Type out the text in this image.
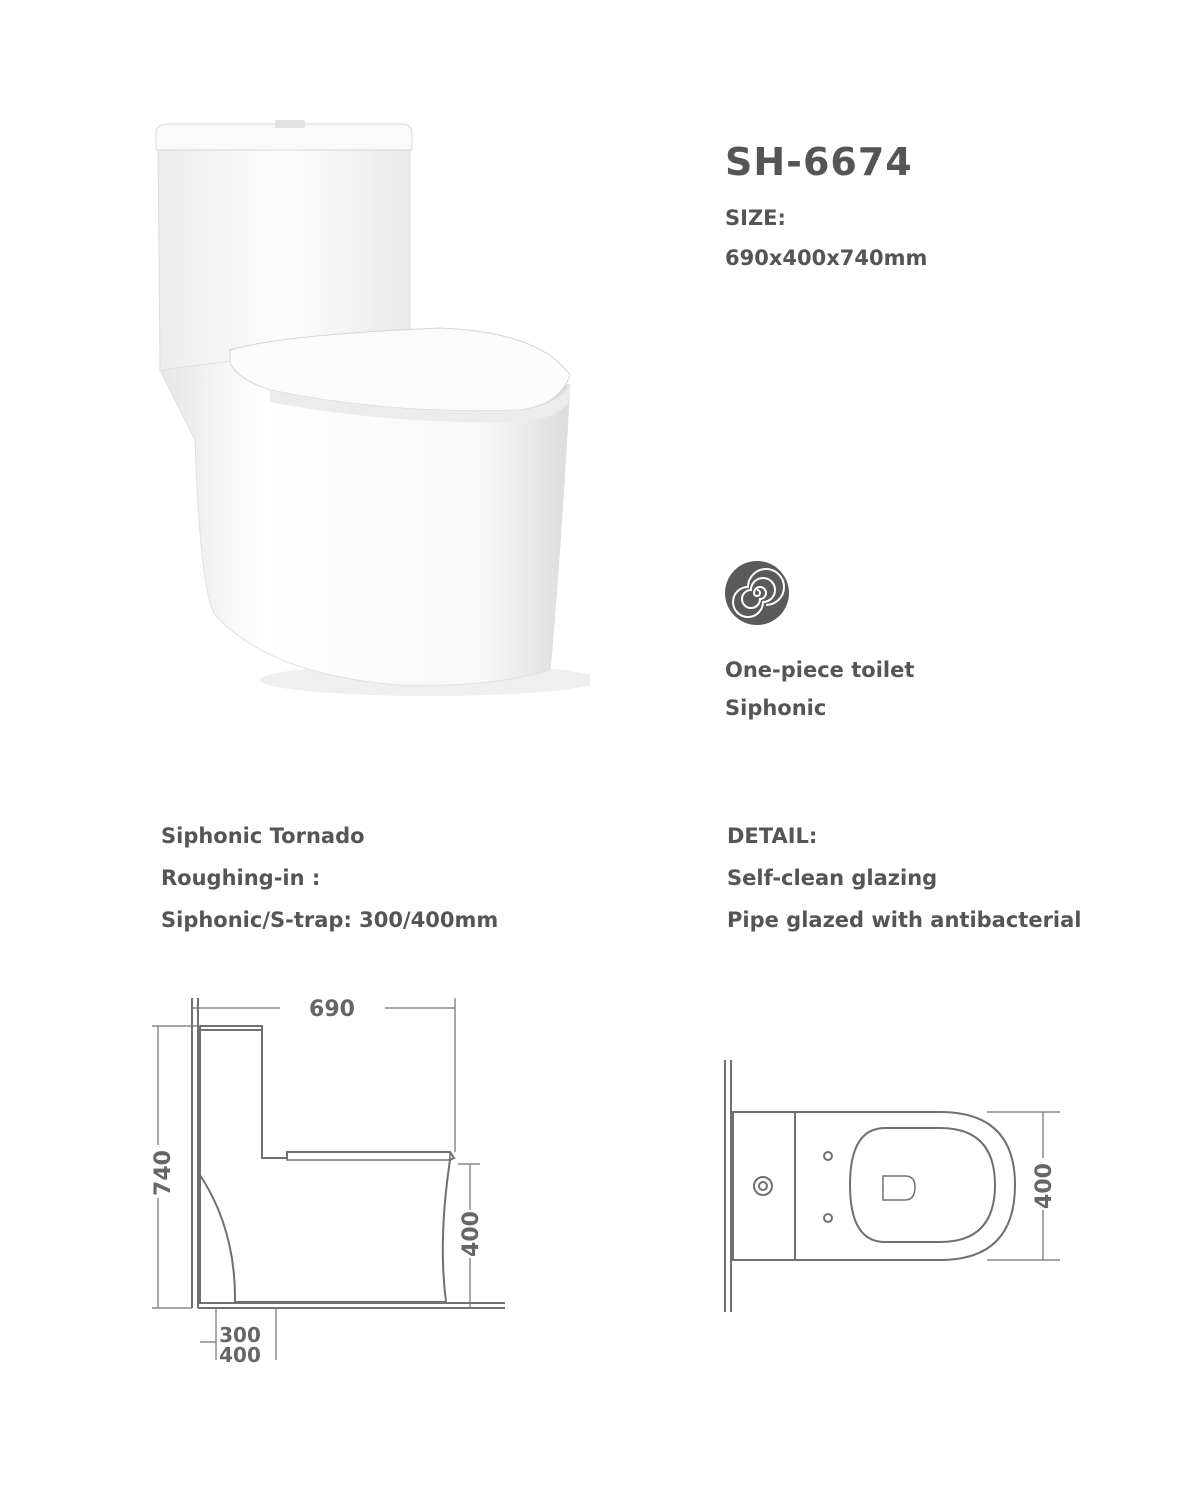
SH-6674
SIZE:
690x400x740mm
One-piece toilet
Siphonic
Siphonic Tornado
Roughing-in :
Siphonic/S-trap: 300/400mm
DETAIL:
Self-clean glazing
Pipe glazed with antibacterial
690
740
400
300
400
400
